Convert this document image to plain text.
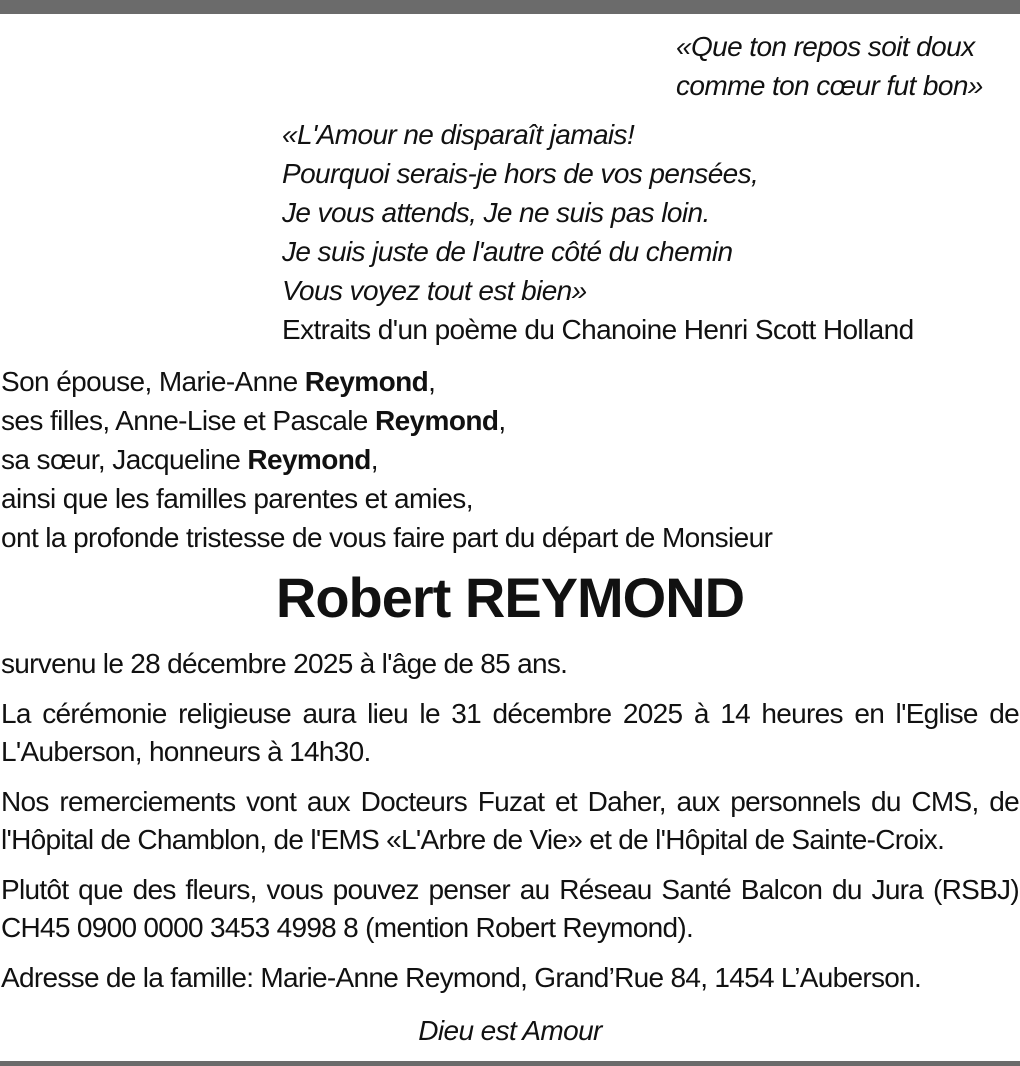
«Que ton repos soit doux
comme ton cœur fut bon»
«L'Amour ne disparaît jamais!
Pourquoi serais-je hors de vos pensées,
Je vous attends, Je ne suis pas loin.
Je suis juste de l'autre côté du chemin
Vous voyez tout est bien»
Extraits d'un poème du Chanoine Henri Scott Holland
Son épouse, Marie-Anne Reymond,
ses filles, Anne-Lise et Pascale Reymond,
sa sœur, Jacqueline Reymond,
ainsi que les familles parentes et amies,
ont la profonde tristesse de vous faire part du départ de Monsieur
Robert REYMOND

survenu le 28 décembre 2025 à l'âge de 85 ans.

La cérémonie religieuse aura lieu le 31 décembre 2025 à 14 heures en l'Eglise de L'Auberson, honneurs à 14h30.

Nos remerciements vont aux Docteurs Fuzat et Daher, aux personnels du CMS, de l'Hôpital de Chamblon, de l'EMS «L'Arbre de Vie» et de l'Hôpital de Sainte-Croix.

Plutôt que des fleurs, vous pouvez penser au Réseau Santé Balcon du Jura (RSBJ) CH45 0900 0000 3453 4998 8 (mention Robert Reymond).

Adresse de la famille: Marie-Anne Reymond, Grand’Rue 84, 1454 L’Auberson.

Dieu est Amour
